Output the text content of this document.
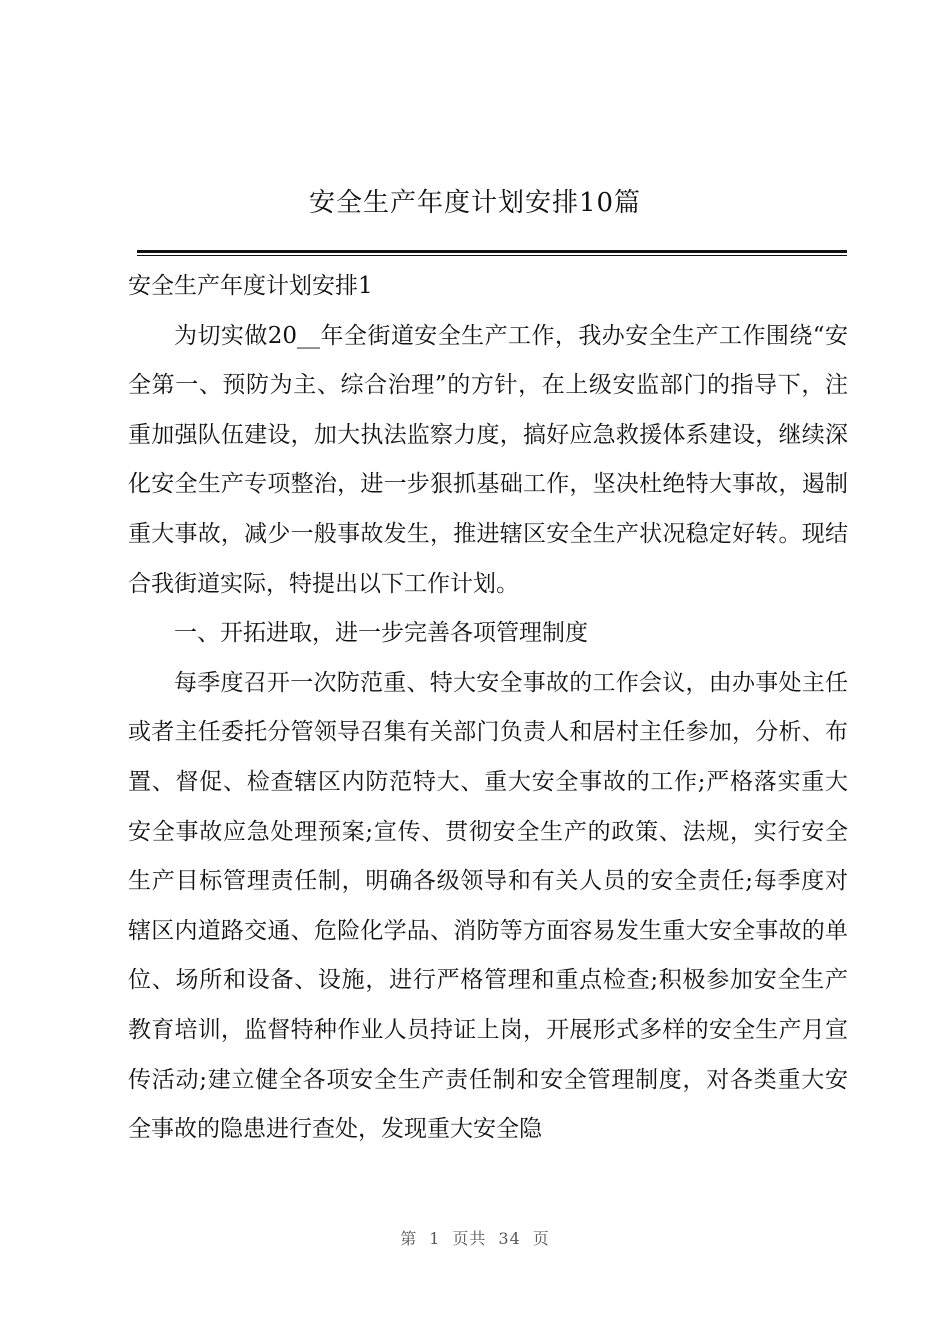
安全生产年度计划安排10篇
安全生产年度计划安排1

为切实做20__年全街道安全生产工作，我办安全生产工作围绕“安全第一、预防为主、综合治理”的方针，在上级安监部门的指导下，注重加强队伍建设，加大执法监察力度，搞好应急救援体系建设，继续深化安全生产专项整治，进一步狠抓基础工作，坚决杜绝特大事故，遏制重大事故，减少一般事故发生，推进辖区安全生产状况稳定好转。现结合我街道实际，特提出以下工作计划。

一、开拓进取，进一步完善各项管理制度

每季度召开一次防范重、特大安全事故的工作会议，由办事处主任或者主任委托分管领导召集有关部门负责人和居村主任参加，分析、布置、督促、检查辖区内防范特大、重大安全事故的工作;严格落实重大安全事故应急处理预案;宣传、贯彻安全生产的政策、法规，实行安全生产目标管理责任制，明确各级领导和有关人员的安全责任;每季度对辖区内道路交通、危险化学品、消防等方面容易发生重大安全事故的单位、场所和设备、设施，进行严格管理和重点检查;积极参加安全生产教育培训，监督特种作业人员持证上岗，开展形式多样的安全生产月宣传活动;建立健全各项安全生产责任制和安全管理制度，对各类重大安全事故的隐患进行查处，发现重大安全隐

第 1 页共 34 页
